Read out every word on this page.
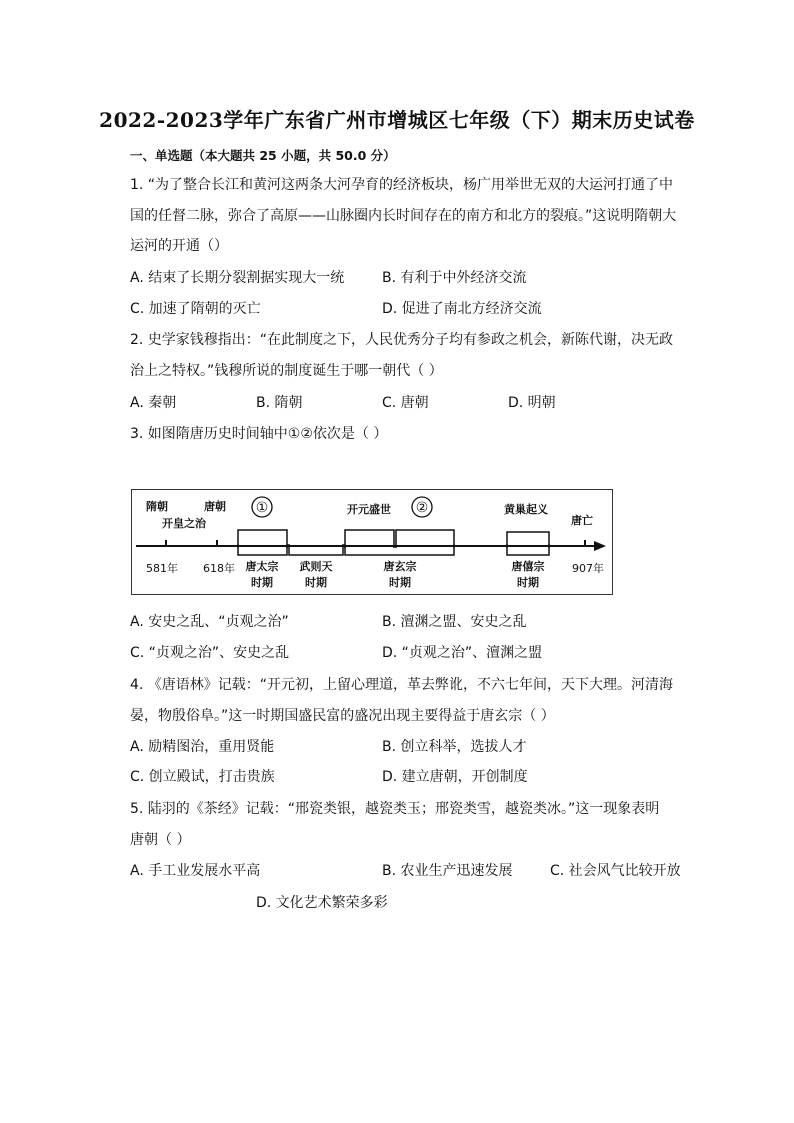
2022-2023学年广东省广州市增城区七年级（下）期末历史试卷
一、单选题（本大题共 25 小题，共 50.0 分）
1. “为了整合长江和黄河这两条大河孕育的经济板块，杨广用举世无双的大运河打通了中
国的任督二脉，弥合了高原——山脉圈内长时间存在的南方和北方的裂痕。”这说明隋朝大
运河的开通（）
A. 结束了长期分裂割据实现大一统	B. 有利于中外经济交流
C. 加速了隋朝的灭亡	D. 促进了南北方经济交流
2. 史学家钱穆指出：“在此制度之下，人民优秀分子均有参政之机会，新陈代谢，决无政
治上之特权。”钱穆所说的制度诞生于哪一朝代（ ）
A. 秦朝	B. 隋朝	C. 唐朝	D. 明朝
3. 如图隋唐历史时间轴中①②依次是（ ）
隋朝
开皇之治
唐朝 ①	开元盛世 ②	黄巢起义
唐亡
581年 618年	907年
唐太宗
时期
武则天
时期
唐玄宗
时期
唐僖宗
时期
A. 安史之乱、“贞观之治”	B. 澶渊之盟、安史之乱
C. “贞观之治”、安史之乱	D. “贞观之治”、澶渊之盟
4. 《唐语林》记载：“开元初，上留心理道，革去弊讹，不六七年间，天下大理。河清海
晏，物殷俗阜。”这一时期国盛民富的盛况出现主要得益于唐玄宗（ ）
A. 励精图治，重用贤能	B. 创立科举，选拔人才
C. 创立殿试，打击贵族	D. 建立唐朝，开创制度
5. 陆羽的《茶经》记载：“邢瓷类银，越瓷类玉；邢瓷类雪，越瓷类冰。”这一现象表明
唐朝（ ）
A. 手工业发展水平高	B. 农业生产迅速发展	C. 社会风气比较开放
D. 文化艺术繁荣多彩
